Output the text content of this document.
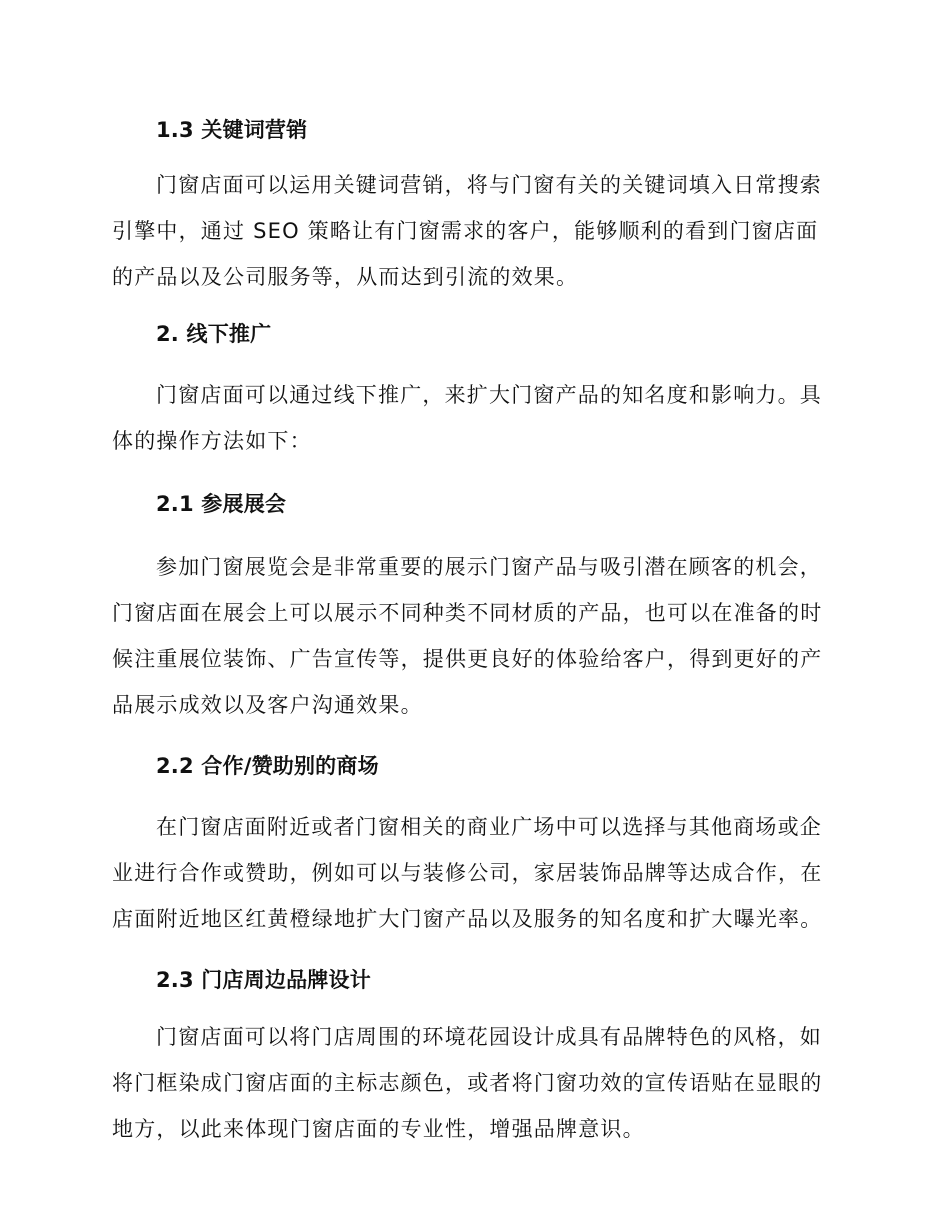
1.3 关键词营销

门窗店面可以运用关键词营销，将与门窗有关的关键词填入日常搜索引擎中，通过 SEO 策略让有门窗需求的客户，能够顺利的看到门窗店面的产品以及公司服务等，从而达到引流的效果。

2. 线下推广

门窗店面可以通过线下推广，来扩大门窗产品的知名度和影响力。具体的操作方法如下：

2.1 参展展会

参加门窗展览会是非常重要的展示门窗产品与吸引潜在顾客的机会，门窗店面在展会上可以展示不同种类不同材质的产品，也可以在准备的时候注重展位装饰、广告宣传等，提供更良好的体验给客户，得到更好的产品展示成效以及客户沟通效果。

2.2 合作/赞助别的商场

在门窗店面附近或者门窗相关的商业广场中可以选择与其他商场或企业进行合作或赞助，例如可以与装修公司，家居装饰品牌等达成合作，在店面附近地区红黄橙绿地扩大门窗产品以及服务的知名度和扩大曝光率。

2.3 门店周边品牌设计

门窗店面可以将门店周围的环境花园设计成具有品牌特色的风格，如将门框染成门窗店面的主标志颜色，或者将门窗功效的宣传语贴在显眼的地方，以此来体现门窗店面的专业性，增强品牌意识。
